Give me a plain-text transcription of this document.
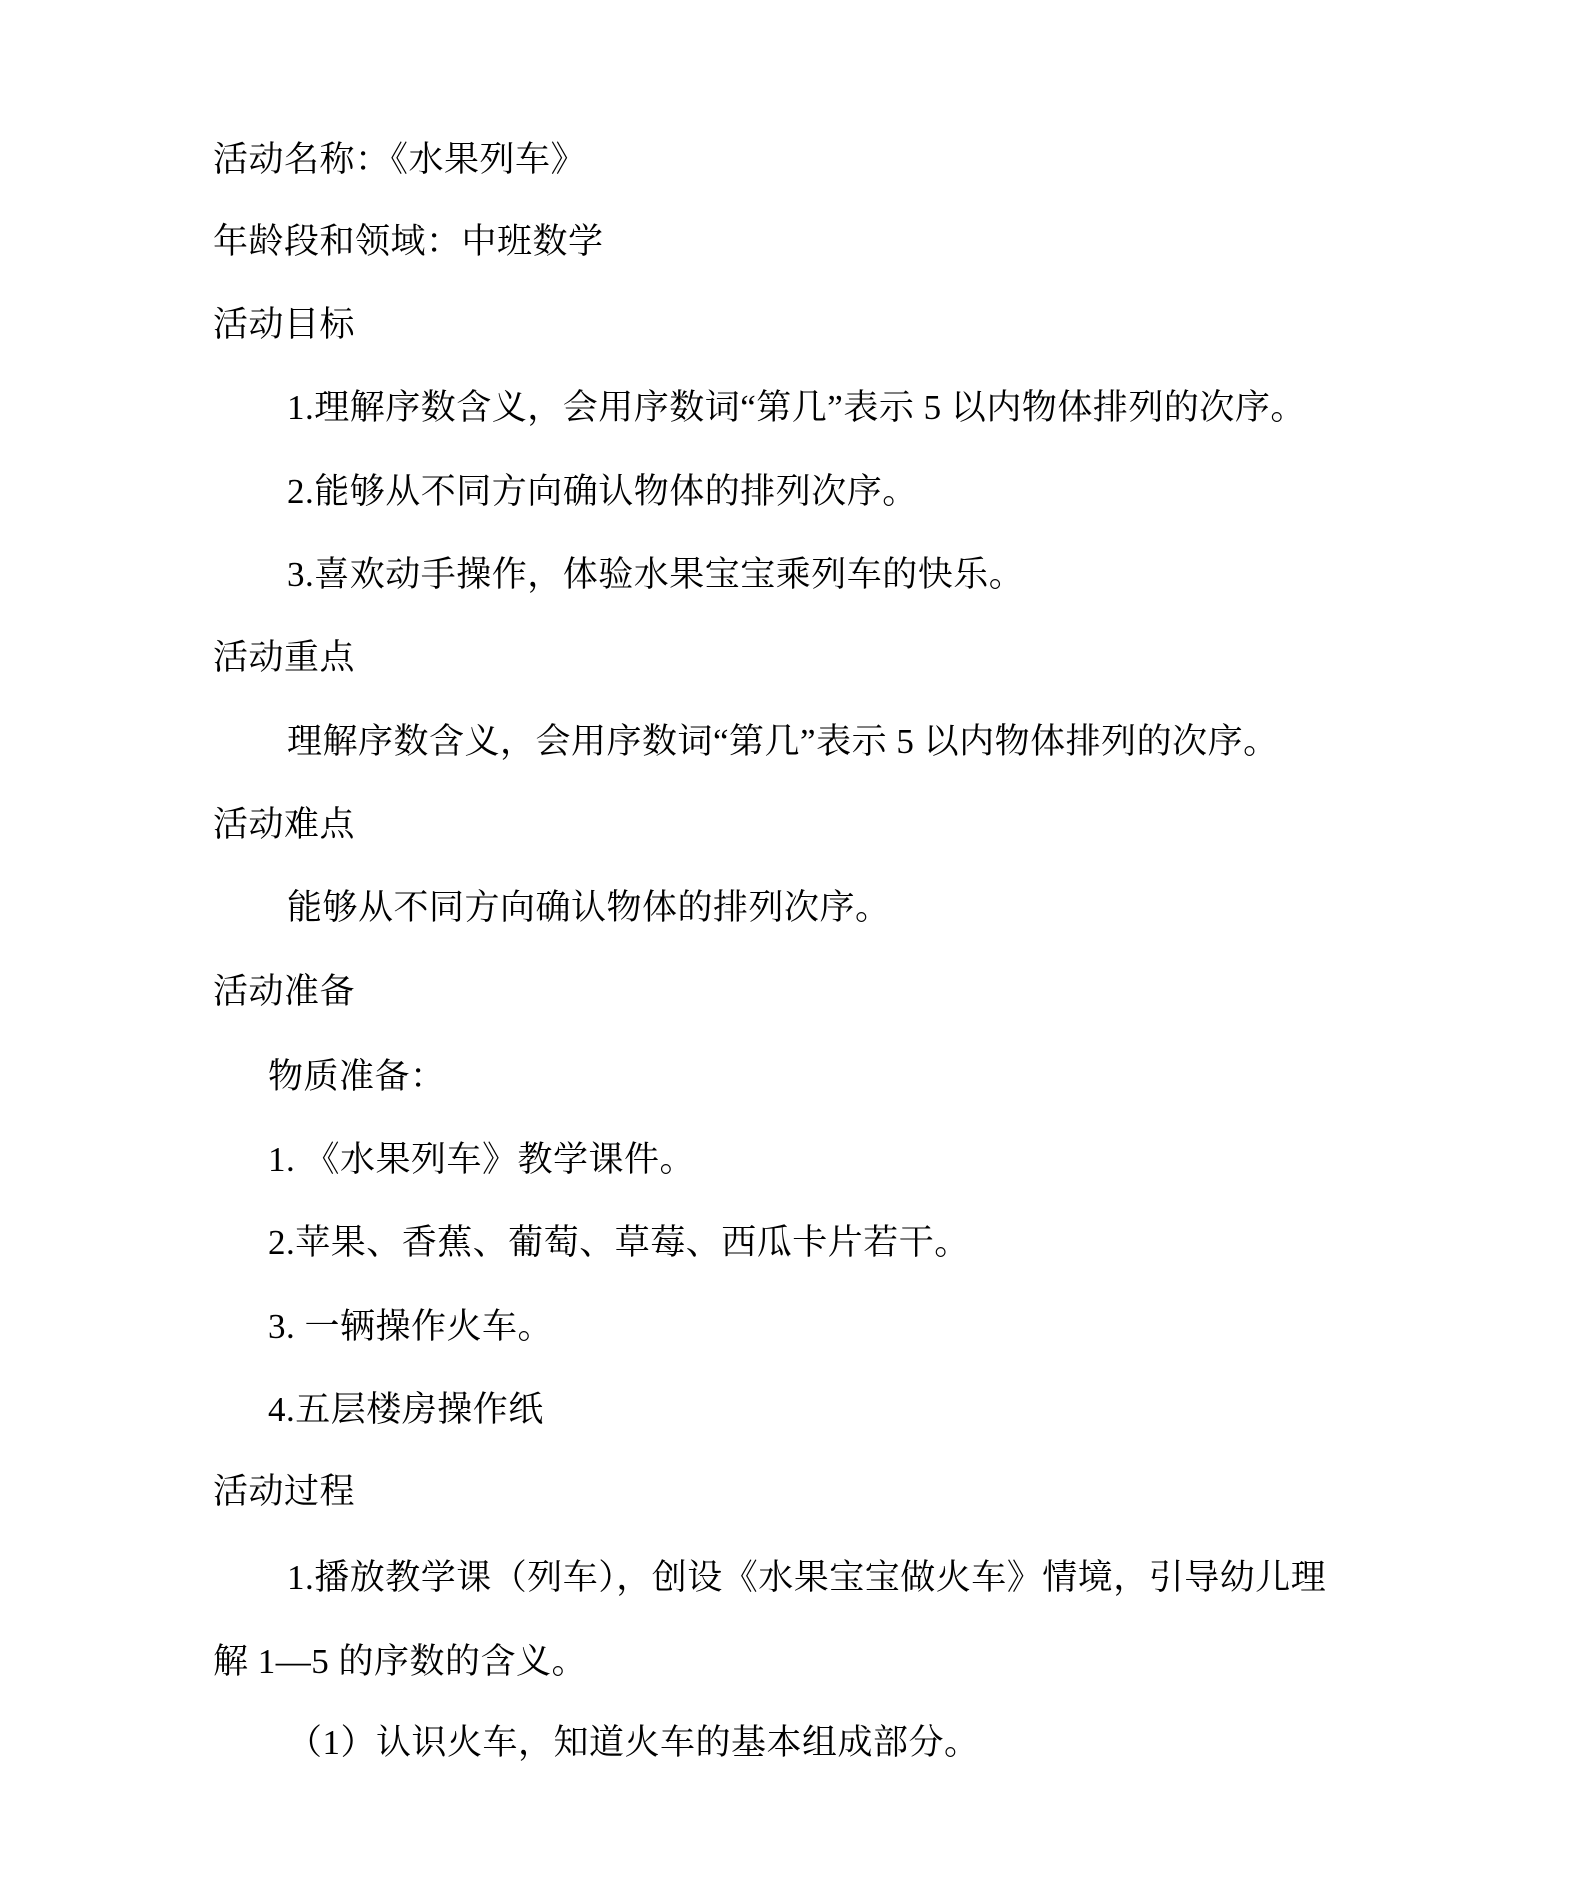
活动名称：《水果列车》
年龄段和领域：中班数学
活动目标
1.理解序数含义，会用序数词“第几”表示 5 以内物体排列的次序。
2.能够从不同方向确认物体的排列次序。
3.喜欢动手操作，体验水果宝宝乘列车的快乐。
活动重点
理解序数含义，会用序数词“第几”表示 5 以内物体排列的次序。
活动难点
能够从不同方向确认物体的排列次序。
活动准备
物质准备：
1. 《水果列车》教学课件。
2.苹果、香蕉、葡萄、草莓、西瓜卡片若干。
3. 一辆操作火车。
4.五层楼房操作纸
活动过程
1.播放教学课（列车），创设《水果宝宝做火车》情境，引导幼儿理
解 1—5 的序数的含义。
（1）认识火车，知道火车的基本组成部分。
